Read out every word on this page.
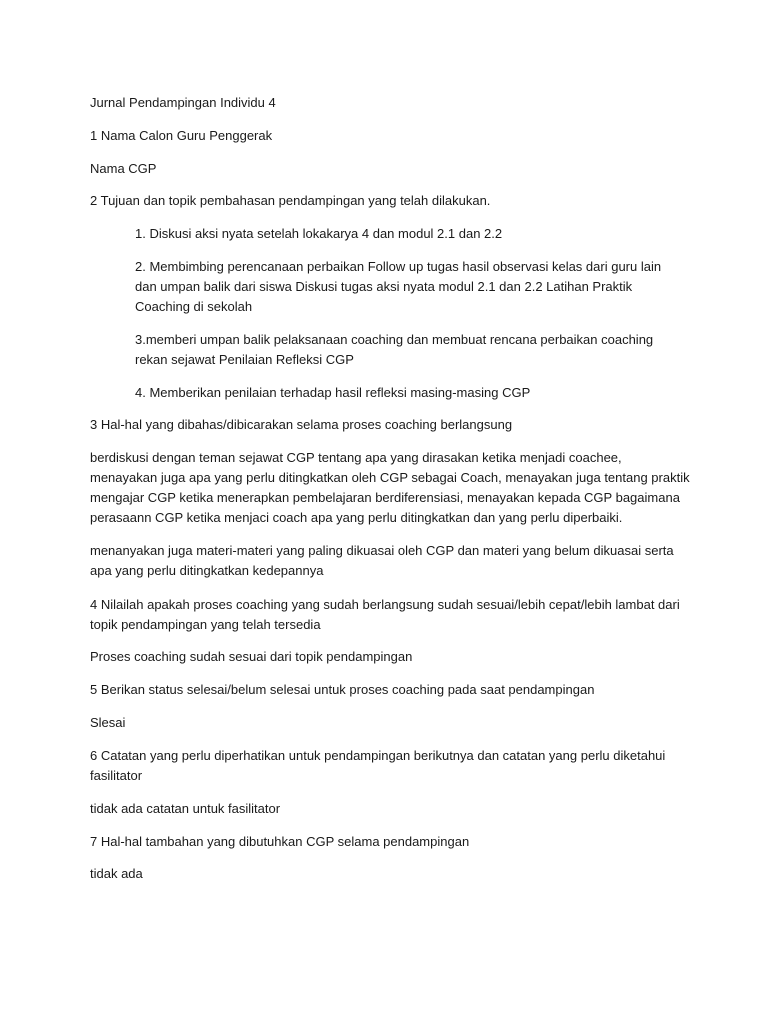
Jurnal Pendampingan Individu 4

1 Nama Calon Guru Penggerak

Nama CGP

2 Tujuan dan topik pembahasan pendampingan yang telah dilakukan.

1. Diskusi aksi nyata setelah lokakarya 4 dan modul 2.1 dan 2.2

2. Membimbing perencanaan perbaikan Follow up tugas hasil observasi kelas dari guru lain dan umpan balik dari siswa Diskusi tugas aksi nyata modul 2.1 dan 2.2 Latihan Praktik Coaching di sekolah

3.memberi umpan balik pelaksanaan coaching dan membuat rencana perbaikan coaching rekan sejawat Penilaian Refleksi CGP

4. Memberikan penilaian terhadap hasil refleksi masing-masing CGP

3 Hal-hal yang dibahas/dibicarakan selama proses coaching berlangsung

berdiskusi dengan teman sejawat CGP tentang apa yang dirasakan ketika menjadi coachee, menayakan juga apa yang perlu ditingkatkan oleh CGP sebagai Coach, menayakan juga tentang praktik mengajar CGP ketika menerapkan pembelajaran berdiferensiasi, menayakan kepada CGP bagaimana perasaann CGP ketika menjaci coach apa yang perlu ditingkatkan dan yang perlu diperbaiki.

menanyakan juga materi-materi yang paling dikuasai oleh CGP dan materi yang belum dikuasai serta apa yang perlu ditingkatkan kedepannya

4 Nilailah apakah proses coaching yang sudah berlangsung sudah sesuai/lebih cepat/lebih lambat dari topik pendampingan yang telah tersedia

Proses coaching sudah sesuai dari topik pendampingan

5 Berikan status selesai/belum selesai untuk proses coaching pada saat pendampingan

Slesai

6 Catatan yang perlu diperhatikan untuk pendampingan berikutnya dan catatan yang perlu diketahui fasilitator

tidak ada catatan untuk fasilitator

7 Hal-hal tambahan yang dibutuhkan CGP selama pendampingan

tidak ada
